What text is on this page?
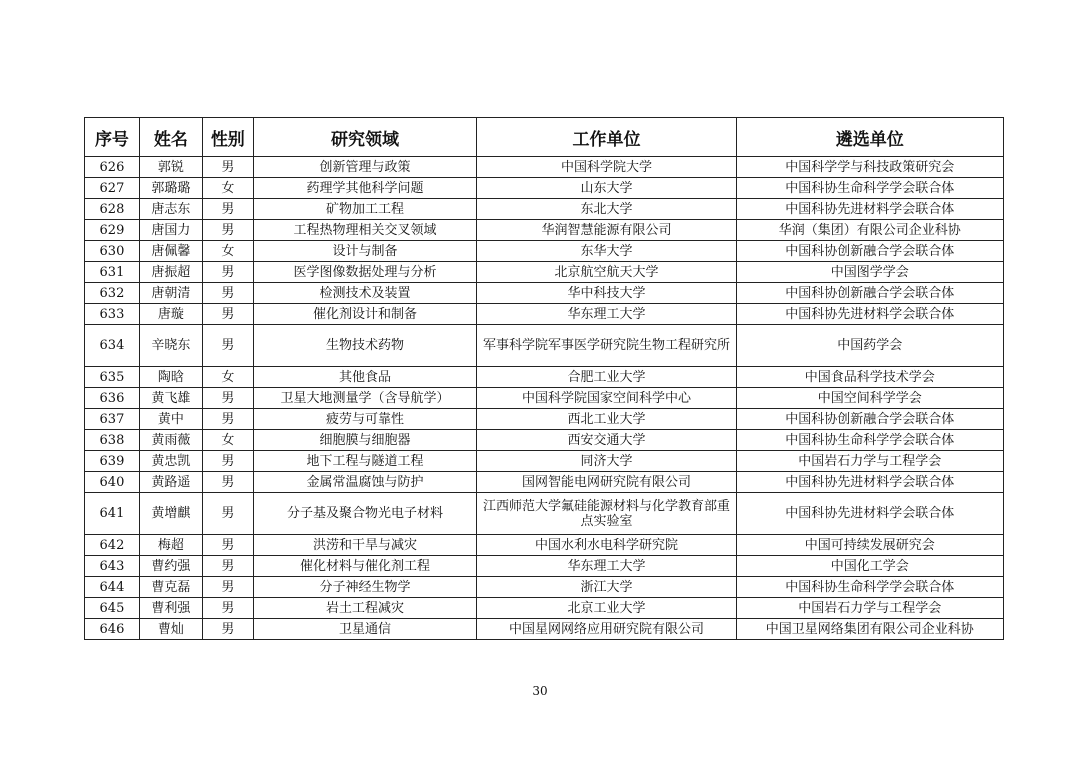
序号	姓名	性别	研究领域	工作单位	遴选单位
626	郭锐	男	创新管理与政策	中国科学院大学	中国科学学与科技政策研究会
627	郭璐璐	女	药理学其他科学问题	山东大学	中国科协生命科学学会联合体
628	唐志东	男	矿物加工工程	东北大学	中国科协先进材料学会联合体
629	唐国力	男	工程热物理相关交叉领域	华润智慧能源有限公司	华润（集团）有限公司企业科协
630	唐佩馨	女	设计与制备	东华大学	中国科协创新融合学会联合体
631	唐振超	男	医学图像数据处理与分析	北京航空航天大学	中国图学学会
632	唐朝清	男	检测技术及装置	华中科技大学	中国科协创新融合学会联合体
633	唐璇	男	催化剂设计和制备	华东理工大学	中国科协先进材料学会联合体
634	辛晓东	男	生物技术药物	军事科学院军事医学研究院生物工程研究所	中国药学会
635	陶晗	女	其他食品	合肥工业大学	中国食品科学技术学会
636	黄飞雄	男	卫星大地测量学（含导航学）	中国科学院国家空间科学中心	中国空间科学学会
637	黄中	男	疲劳与可靠性	西北工业大学	中国科协创新融合学会联合体
638	黄雨薇	女	细胞膜与细胞器	西安交通大学	中国科协生命科学学会联合体
639	黄忠凯	男	地下工程与隧道工程	同济大学	中国岩石力学与工程学会
640	黄路遥	男	金属常温腐蚀与防护	国网智能电网研究院有限公司	中国科协先进材料学会联合体
641	黄增麒	男	分子基及聚合物光电子材料	江西师范大学氟硅能源材料与化学教育部重点实验室	中国科协先进材料学会联合体
642	梅超	男	洪涝和干旱与减灾	中国水利水电科学研究院	中国可持续发展研究会
643	曹约强	男	催化材料与催化剂工程	华东理工大学	中国化工学会
644	曹克磊	男	分子神经生物学	浙江大学	中国科协生命科学学会联合体
645	曹利强	男	岩土工程减灾	北京工业大学	中国岩石力学与工程学会
646	曹灿	男	卫星通信	中国星网网络应用研究院有限公司	中国卫星网络集团有限公司企业科协
30
